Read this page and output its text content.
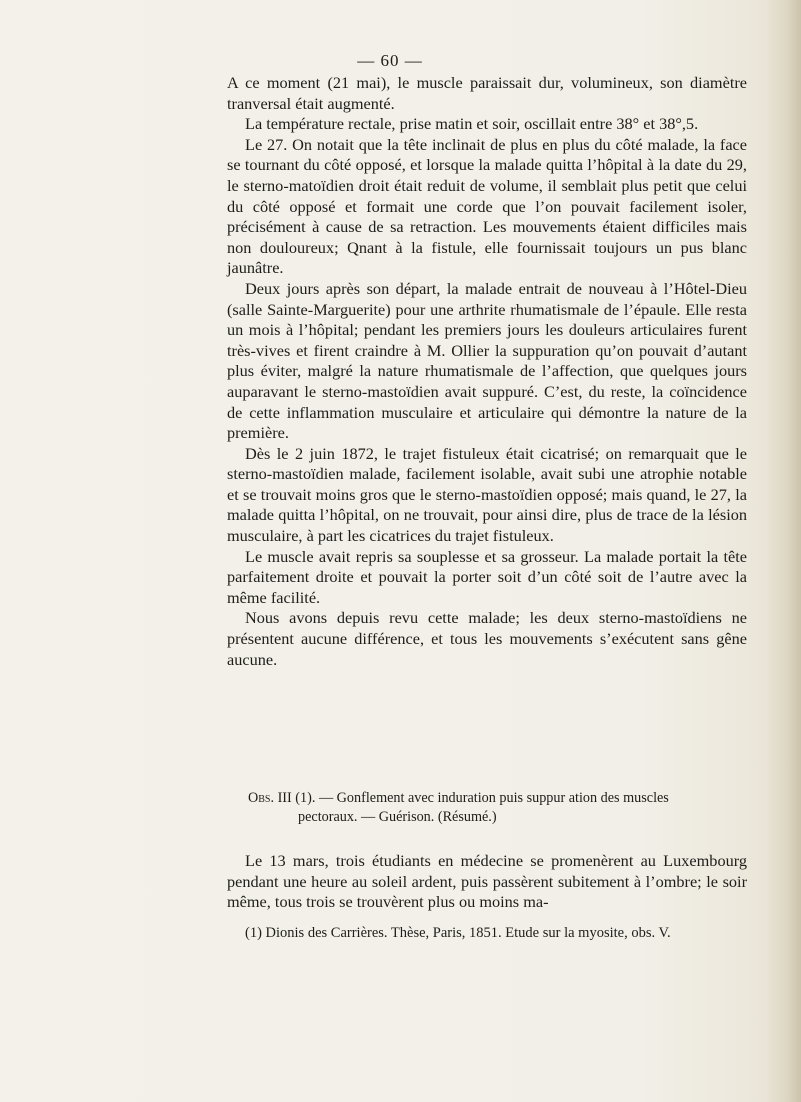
— 60 —

A ce moment (21 mai), le muscle paraissait dur, volumineux, son diamètre tranversal était augmenté.

La température rectale, prise matin et soir, oscillait entre 38° et 38°,5.

Le 27. On notait que la tête inclinait de plus en plus du côté malade, la face se tournant du côté opposé, et lorsque la malade quitta l’hôpital à la date du 29, le sterno-matoïdien droit était reduit de volume, il semblait plus petit que celui du côté opposé et formait une corde que l’on pouvait facilement isoler, précisément à cause de sa retraction. Les mouvements étaient difficiles mais non douloureux; Qnant à la fistule, elle fournissait toujours un pus blanc jaunâtre.

Deux jours après son départ, la malade entrait de nouveau à l’Hôtel-Dieu (salle Sainte-Marguerite) pour une arthrite rhumatismale de l’épaule. Elle resta un mois à l’hôpital; pendant les premiers jours les douleurs articulaires furent très-vives et firent craindre à M. Ollier la suppuration qu’on pouvait d’autant plus éviter, malgré la nature rhumatismale de l’affection, que quelques jours auparavant le sterno-mastoïdien avait suppuré. C’est, du reste, la coïncidence de cette inflammation musculaire et articulaire qui démontre la nature de la première.

Dès le 2 juin 1872, le trajet fistuleux était cicatrisé; on remarquait que le sterno-mastoïdien malade, facilement isolable, avait subi une atrophie notable et se trouvait moins gros que le sterno-mastoïdien opposé; mais quand, le 27, la malade quitta l’hôpital, on ne trouvait, pour ainsi dire, plus de trace de la lésion musculaire, à part les cicatrices du trajet fistuleux.

Le muscle avait repris sa souplesse et sa grosseur. La malade portait la tête parfaitement droite et pouvait la porter soit d’un côté soit de l’autre avec la même facilité.

Nous avons depuis revu cette malade; les deux sterno-mastoïdiens ne présentent aucune différence, et tous les mouvements s’exécutent sans gêne aucune.

Obs. III (1). — Gonflement avec induration puis suppur ation des muscles
pectoraux. — Guérison. (Résumé.)

Le 13 mars, trois étudiants en médecine se promenèrent au Luxembourg pendant une heure au soleil ardent, puis passèrent subitement à l’ombre; le soir même, tous trois se trouvèrent plus ou moins ma-

(1) Dionis des Carrières. Thèse, Paris, 1851. Etude sur la myosite, obs. V.
